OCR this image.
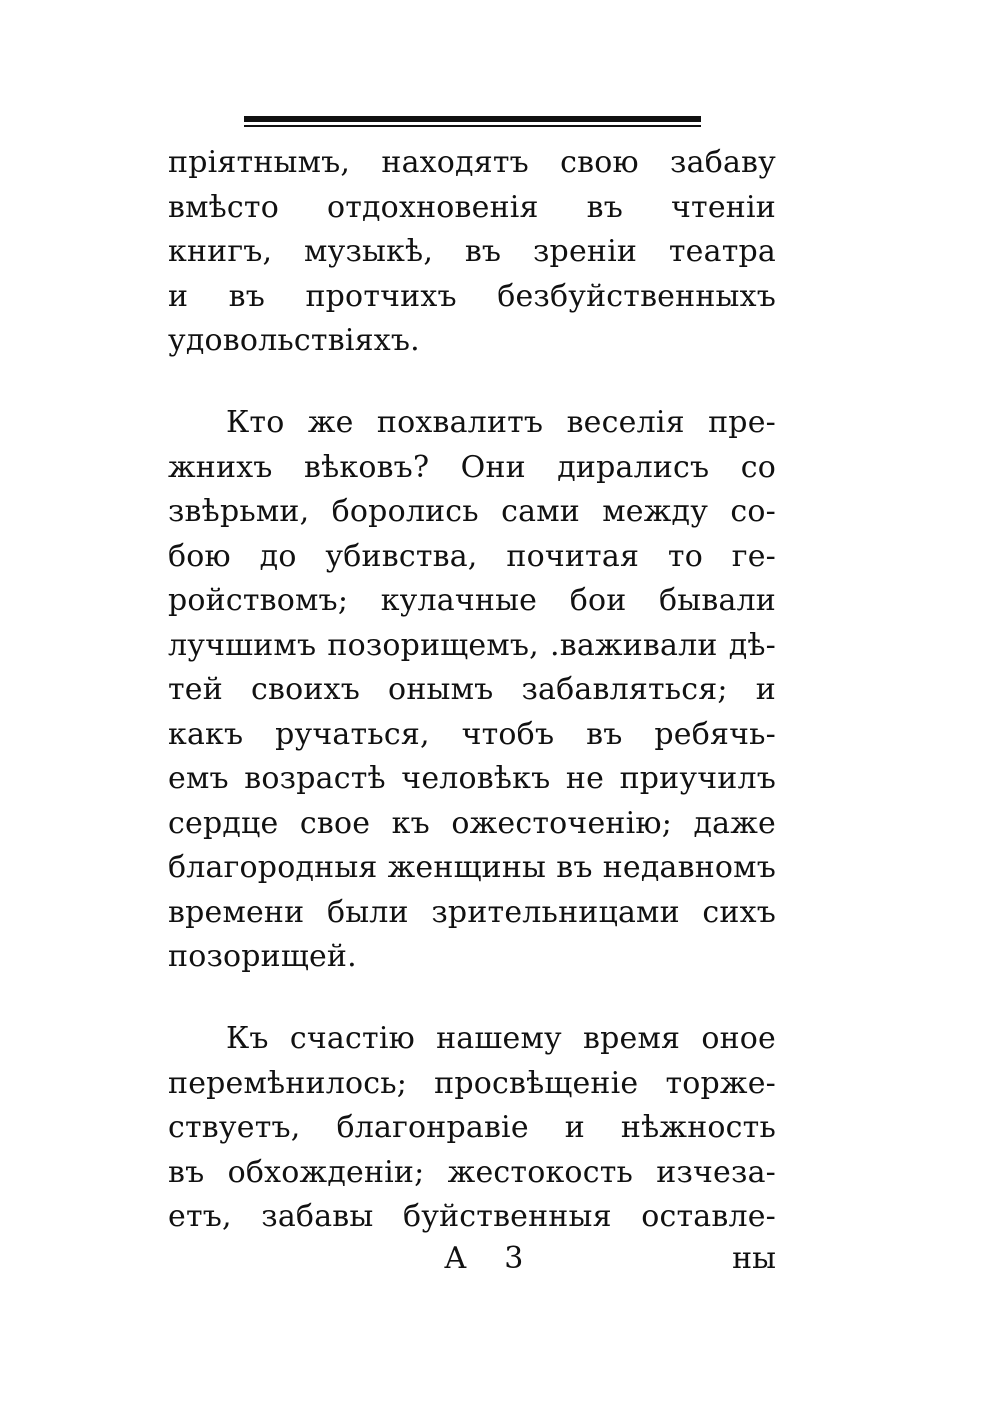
пріятнымъ, находятъ свою забаву
вмѣсто отдохновенія въ чтеніи
книгъ, музыкѣ, въ зреніи театра
и въ протчихъ безбуйственныхъ
удовольствіяхъ.
Кто же похвалитъ веселія пре-
жнихъ вѣковъ? Они диралисъ со
звѣрьми, боролись сами между со-
бою до убивства, почитая то ге-
ройствомъ; кулачные бои бывали
лучшимъ позорищемъ, .важивали дѣ-
тей своихъ онымъ забавляться; и
какъ ручаться, чтобъ въ ребячь-
емъ возрастѣ человѣкъ не приучилъ
сердце свое къ ожесточенію; даже
благородныя женщины въ недавномъ
времени были зрительницами сихъ
позорищей.
Къ счастію нашему время оное
перемѣнилось; просвѣщеніе торже-
ствуетъ, благонравіе и нѣжность
въ обхожденіи; жестокость изчеза-
етъ, забавы буйственныя оставле-
А 3	ны
